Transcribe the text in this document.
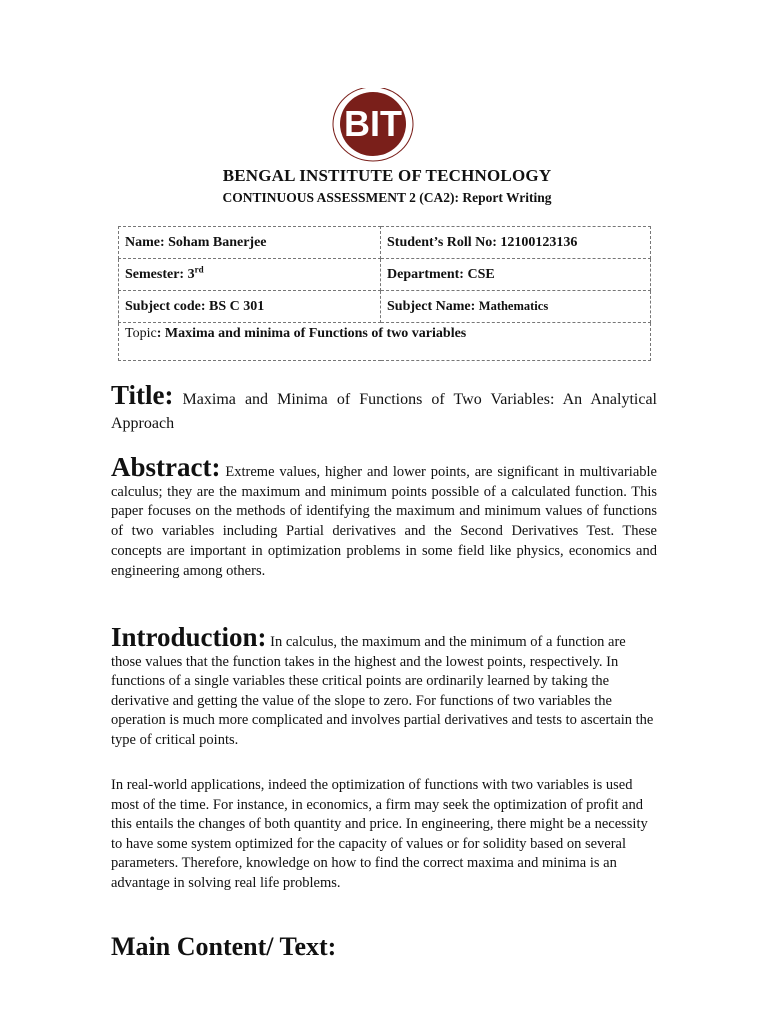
BIT
BENGAL INSTITUTE OF TECHNOLOGY
CONTINUOUS ASSESSMENT 2 (CA2): Report Writing
Name: Soham Banerjee	Student’s Roll No: 12100123136
Semester: 3rd	Department: CSE
Subject code: BS C 301	Subject Name: Mathematics
Topic: Maxima and minima of Functions of two variables	
Title: Maxima and Minima of Functions of Two Variables: An Analytical Approach
Abstract: Extreme values, higher and lower points, are significant in multivariable calculus; they are the maximum and minimum points possible of a calculated function. This paper focuses on the methods of identifying the maximum and minimum values of functions of two variables including Partial derivatives and the Second Derivatives Test. These concepts are important in optimization problems in some field like physics, economics and engineering among others.
Introduction: In calculus, the maximum and the minimum of a function are those values that the function takes in the highest and the lowest points, respectively. In functions of a single variables these critical points are ordinarily learned by taking the derivative and getting the value of the slope to zero. For functions of two variables the operation is much more complicated and involves partial derivatives and tests to ascertain the type of critical points.
In real-world applications, indeed the optimization of functions with two variables is used most of the time. For instance, in economics, a firm may seek the optimization of profit and this entails the changes of both quantity and price. In engineering, there might be a necessity to have some system optimized for the capacity of values or for solidity based on several parameters. Therefore, knowledge on how to find the correct maxima and minima is an advantage in solving real life problems.
Main Content/ Text:
